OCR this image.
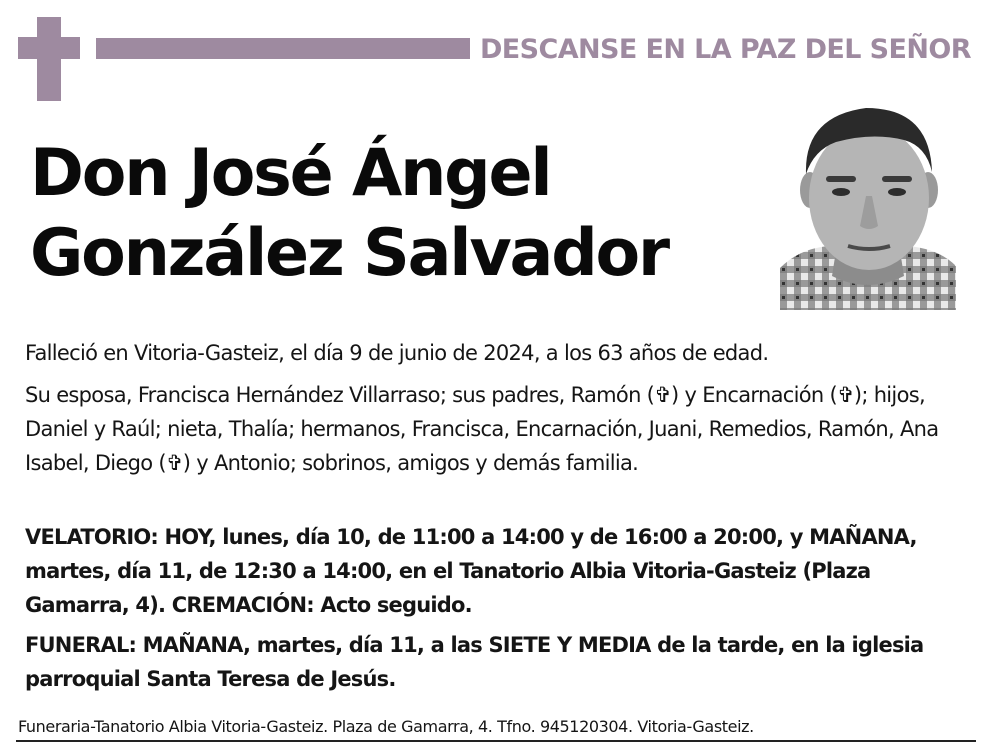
DESCANSE EN LA PAZ DEL SEÑOR
Don José Ángel
González Salvador

Falleció en Vitoria-Gasteiz, el día 9 de junio de 2024, a los 63 años de edad.

Su esposa, Francisca Hernández Villarraso; sus padres, Ramón (✞) y Encarnación (✞); hijos, Daniel y Raúl; nieta, Thalía; hermanos, Francisca, Encarnación, Juani, Remedios, Ramón, Ana Isabel, Diego (✞) y Antonio; sobrinos, amigos y demás familia.

VELATORIO: HOY, lunes, día 10, de 11:00 a 14:00 y de 16:00 a 20:00, y MAÑANA, martes, día 11, de 12:30 a 14:00, en el Tanatorio Albia Vitoria-Gasteiz (Plaza Gamarra, 4). CREMACIÓN: Acto seguido.

FUNERAL: MAÑANA, martes, día 11, a las SIETE Y MEDIA de la tarde, en la iglesia parroquial Santa Teresa de Jesús.

Funeraria-Tanatorio Albia Vitoria-Gasteiz. Plaza de Gamarra, 4. Tfno. 945120304. Vitoria-Gasteiz.
